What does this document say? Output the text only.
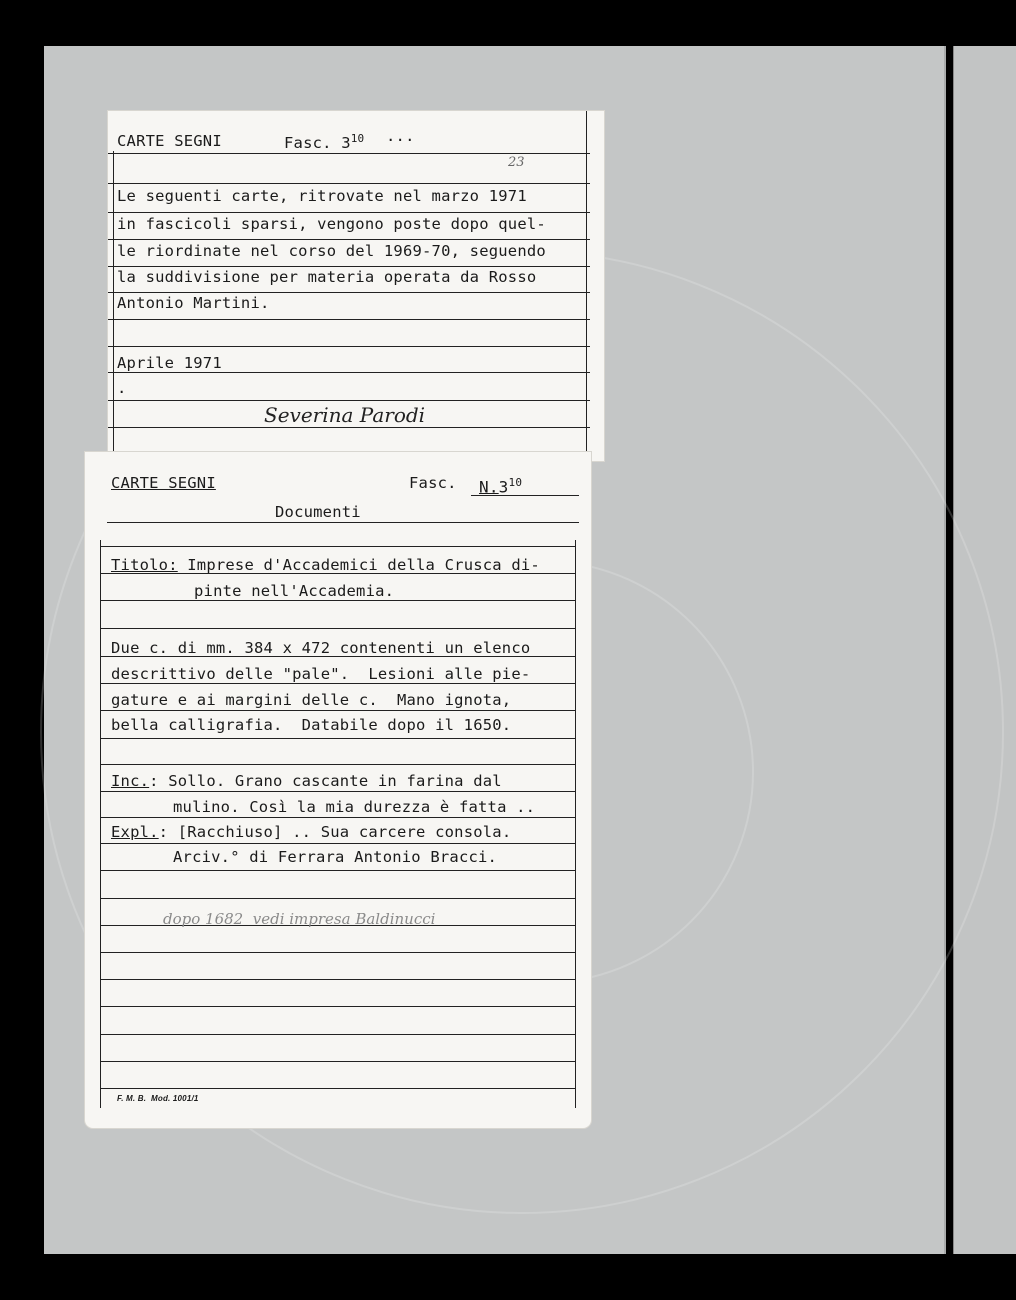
CARTE SEGNI	Fasc. $3^{10}$ ...
23
Le seguenti carte, ritrovate nel marzo 1971
in fascicoli sparsi, vengono poste dopo quel-
le riordinate nel corso del 1969-70, seguendo
la suddivisione per materia operata da Rosso
Antonio Martini.
Aprile 1971
.
Severina Parodi
CARTE SEGNI	Fasc. $N.3^{10}$
Documenti
Titolo: Imprese d'Accademici della Crusca di-
pinte nell'Accademia.
Due c. di mm. 384 x 472 contenenti un elenco
descrittivo delle "pale".  Lesioni alle pie-
gature e ai margini delle c.  Mano ignota,
bella calligrafia.  Databile dopo il 1650.
Inc.: Sollo. Grano cascante in farina dal
mulino. Così la mia durezza è fatta ..
Expl.: [Racchiuso] .. Sua carcere consola.
Arciv.° di Ferrara Antonio Bracci.
dopo 1682  vedi impresa Baldinucci
F. M. B.  Mod. 1001/1
